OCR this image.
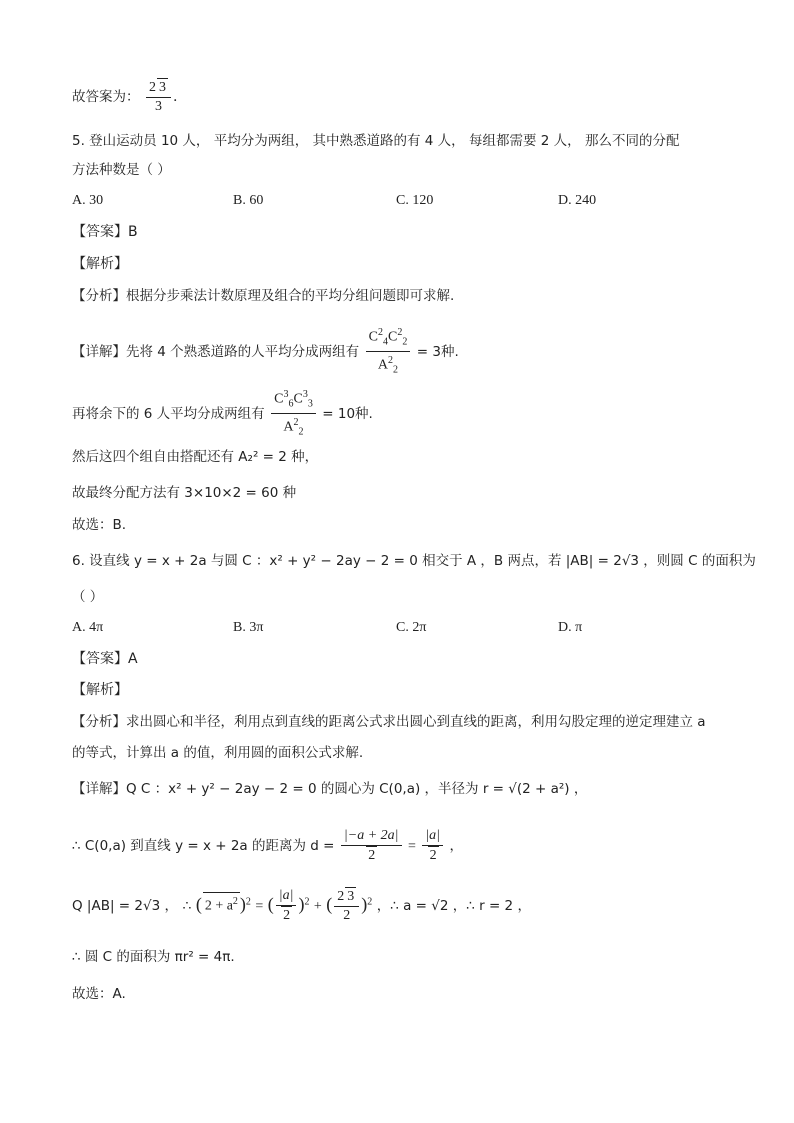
故答案为： $\frac{2 3}{3}$ .
5. 登山运动员 10 人， 平均分为两组， 其中熟悉道路的有 4 人， 每组都需要 2 人， 那么不同的分配
方法种数是（ ）
A. 30	B. 60	C. 120	D. 240
【答案】B
【解析】
【分析】根据分步乘法计数原理及组合的平均分组问题即可求解.
【详解】先将 4 个熟悉道路的人平均分成两组有 $\frac{C^2_4C^2_2}{A^2_2} = 3$种.
再将余下的 6 人平均分成两组有 $\frac{C^3_6C^3_3}{A^2_2} = 10$种.
然后这四个组自由搭配还有 A₂² = 2 种，
故最终分配方法有 3×10×2 = 60 种
故选：B.
6. 设直线 y = x + 2a 与圆 C ：x² + y² − 2ay − 2 = 0 相交于 A ，B 两点，若 |AB| = 2√3 ，则圆 C 的面积为
（ ）
A. 4π	B. 3π	C. 2π	D. π
【答案】A
【解析】
【分析】求出圆心和半径，利用点到直线的距离公式求出圆心到直线的距离，利用勾股定理的逆定理建立 a
的等式，计算出 a 的值，利用圆的面积公式求解.
【详解】Q C ：x² + y² − 2ay − 2 = 0 的圆心为 C(0,a) ，半径为 r = √(2 + a²) ，
∴ C(0,a) 到直线 y = x + 2a 的距离为 $d = \frac{|-a + 2a|}{2} = \frac{|a|}{2}$ ，
Q |AB| = 2√3 ， ∴ ( $2 + a^2$ )$^2$ = ( $\frac{|a|}{2} )^2$ + ( $\frac{2 3}{2} )^2$ ，∴ a = √2 ，∴ r = 2 ，
∴ 圆 C 的面积为 πr² = 4π.
故选：A.
